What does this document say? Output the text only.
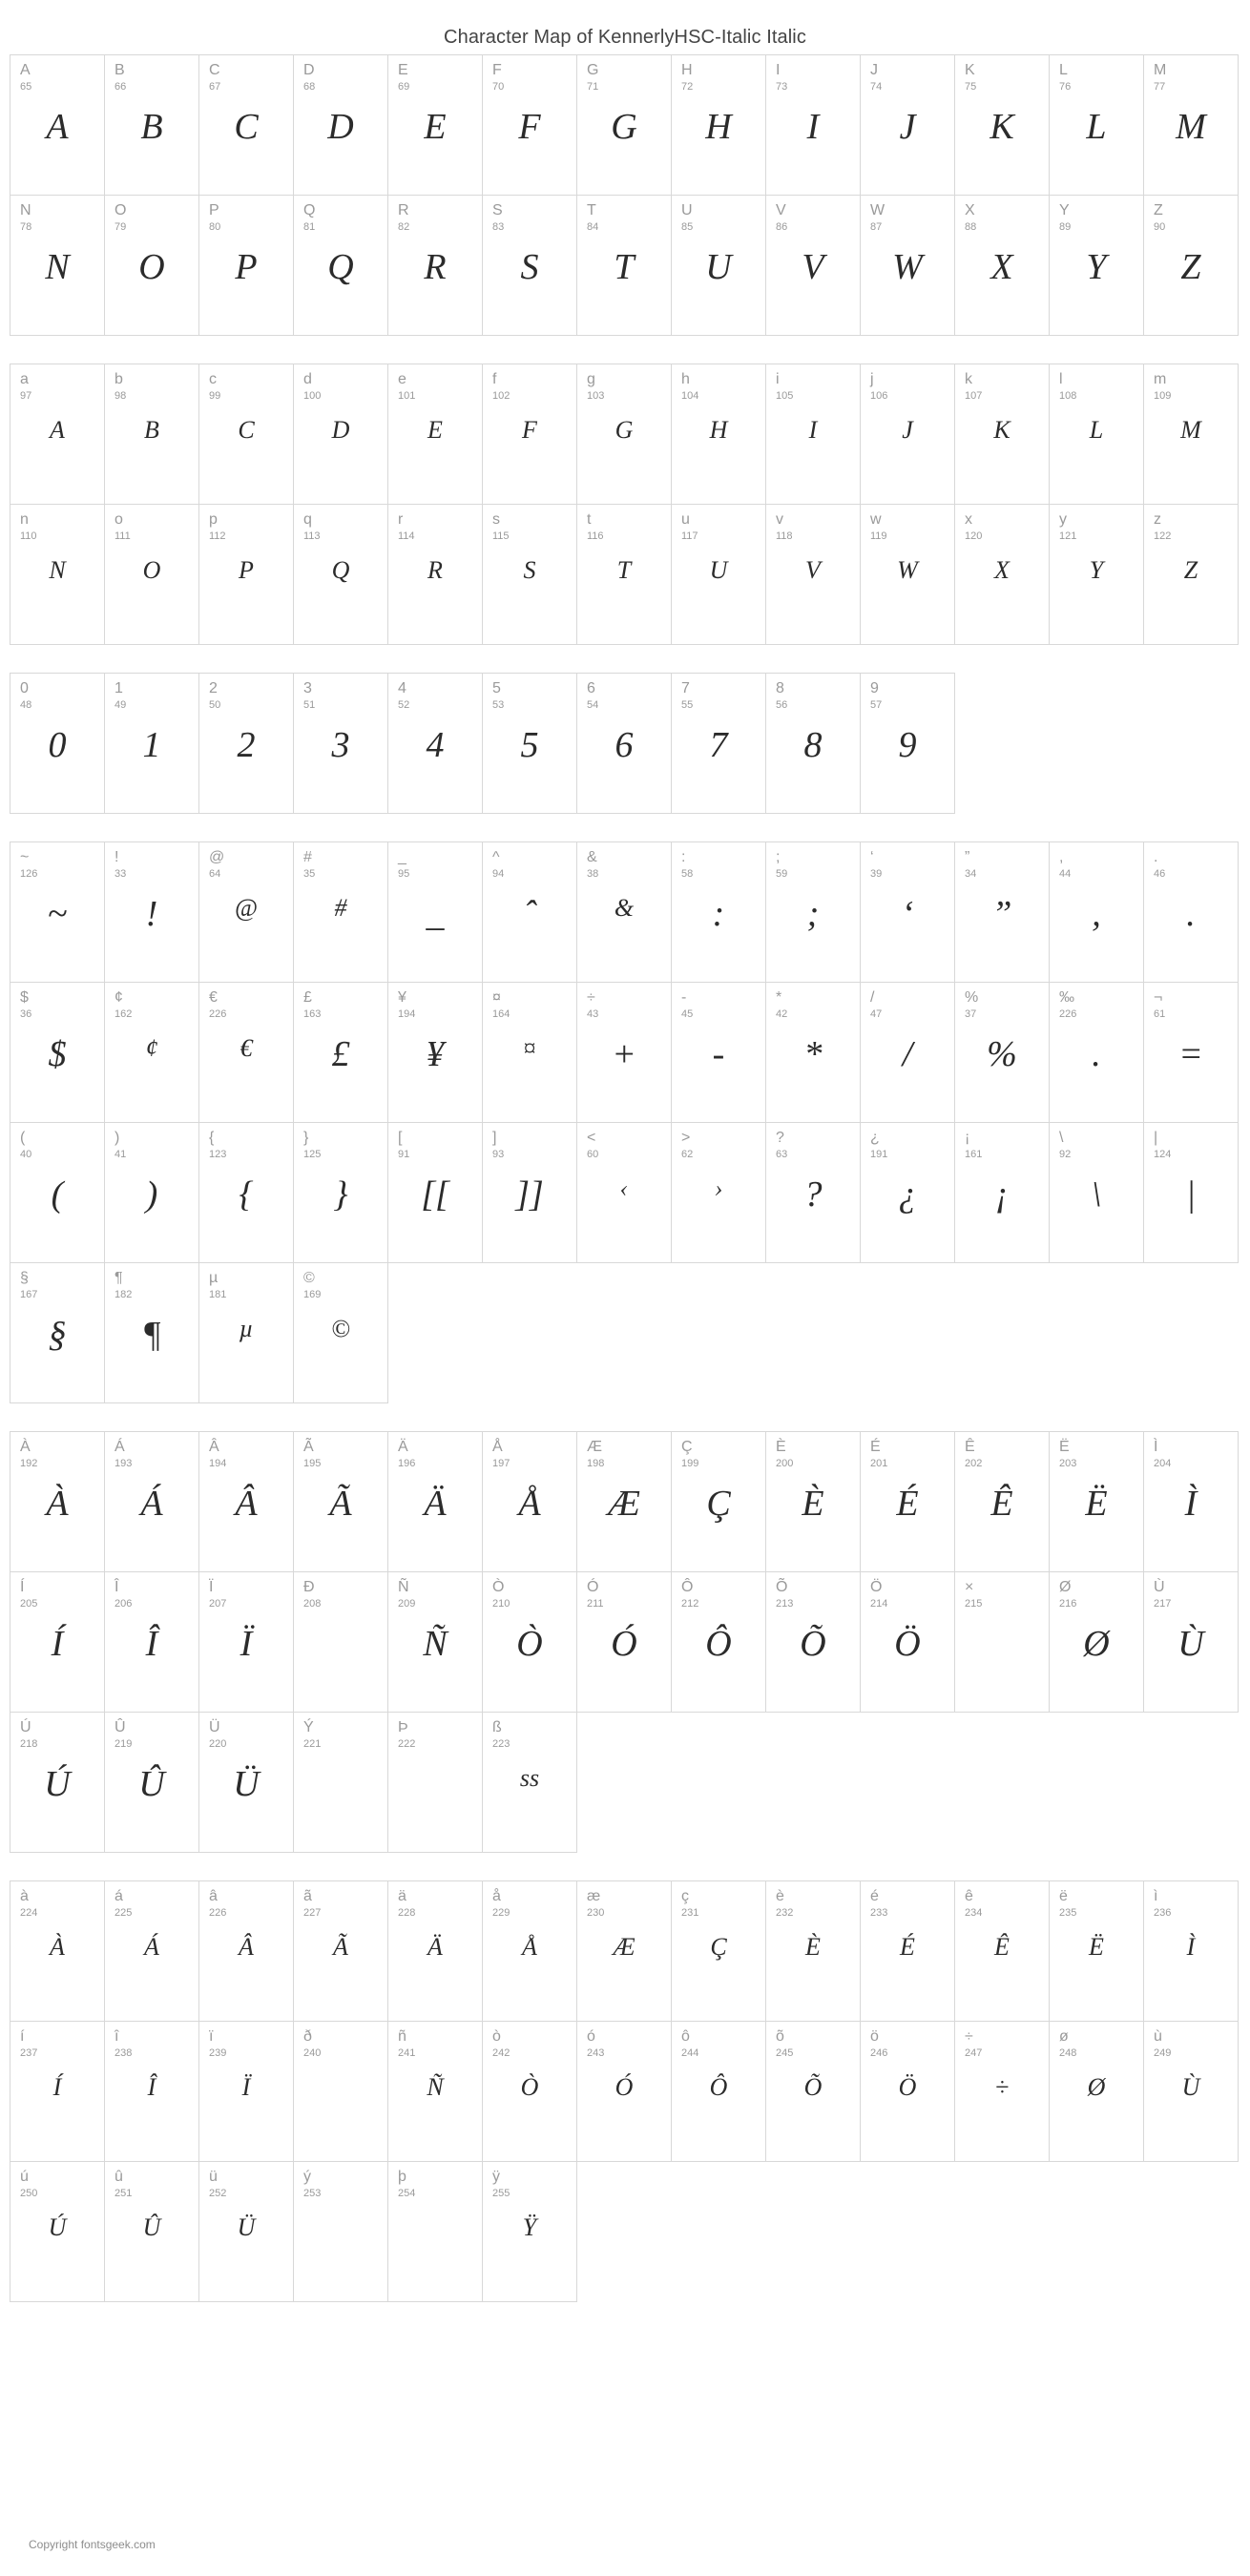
Character Map of KennerlyHSC-Italic Italic
A
65
A
B
66
B
C
67
C
D
68
D
E
69
E
F
70
F
G
71
G
H
72
H
I
73
I
J
74
J
K
75
K
L
76
L
M
77
M
N
78
N
O
79
O
P
80
P
Q
81
Q
R
82
R
S
83
S
T
84
T
U
85
U
V
86
V
W
87
W
X
88
X
Y
89
Y
Z
90
Z
a
97
A
b
98
B
c
99
C
d
100
D
e
101
E
f
102
F
g
103
G
h
104
H
i
105
I
j
106
J
k
107
K
l
108
L
m
109
M
n
110
N
o
111
O
p
112
P
q
113
Q
r
114
R
s
115
S
t
116
T
u
117
U
v
118
V
w
119
W
x
120
X
y
121
Y
z
122
Z
0
48
0
1
49
1
2
50
2
3
51
3
4
52
4
5
53
5
6
54
6
7
55
7
8
56
8
9
57
9
~
126
~
!
33
!
@
64
@
#
35
#
_
95
_
^
94
ˆ
&
38
&
:
58
:
;
59
;
‘
39
‘
”
34
”
,
44
,
.
46
.
$
36
$
¢
162
¢
€
226
€
£
163
£
¥
194
¥
¤
164
¤
÷
43
+
-
45
-
*
42
*
/
47
/
%
37
%
‰
226
.
¬
61
=
(
40
(
)
41
)
{
123
{
}
125
}
[
91
[[
]
93
]]
<
60
‹
>
62
›
?
63
?
¿
191
¿
¡
161
¡
\
92
\
|
124
|
§
167
§
¶
182
¶
µ
181
µ
©
169
©
À
192
À
Á
193
Á
Â
194
Â
Ã
195
Ã
Ä
196
Ä
Å
197
Å
Æ
198
Æ
Ç
199
Ç
È
200
È
É
201
É
Ê
202
Ê
Ë
203
Ë
Ì
204
Ì
Í
205
Í
Î
206
Î
Ï
207
Ï
Ð
208
Ñ
209
Ñ
Ò
210
Ò
Ó
211
Ó
Ô
212
Ô
Õ
213
Õ
Ö
214
Ö
×
215
Ø
216
Ø
Ù
217
Ù
Ú
218
Ú
Û
219
Û
Ü
220
Ü
Ý
221
Þ
222
ß
223
ss
à
224
À
á
225
Á
â
226
Â
ã
227
Ã
ä
228
Ä
å
229
Å
æ
230
Æ
ç
231
Ç
è
232
È
é
233
É
ê
234
Ê
ë
235
Ë
ì
236
Ì
í
237
Í
î
238
Î
ï
239
Ï
ð
240
ñ
241
Ñ
ò
242
Ò
ó
243
Ó
ô
244
Ô
õ
245
Õ
ö
246
Ö
÷
247
÷
ø
248
Ø
ù
249
Ù
ú
250
Ú
û
251
Û
ü
252
Ü
ý
253
þ
254
ÿ
255
Ÿ
Copyright fontsgeek.com
